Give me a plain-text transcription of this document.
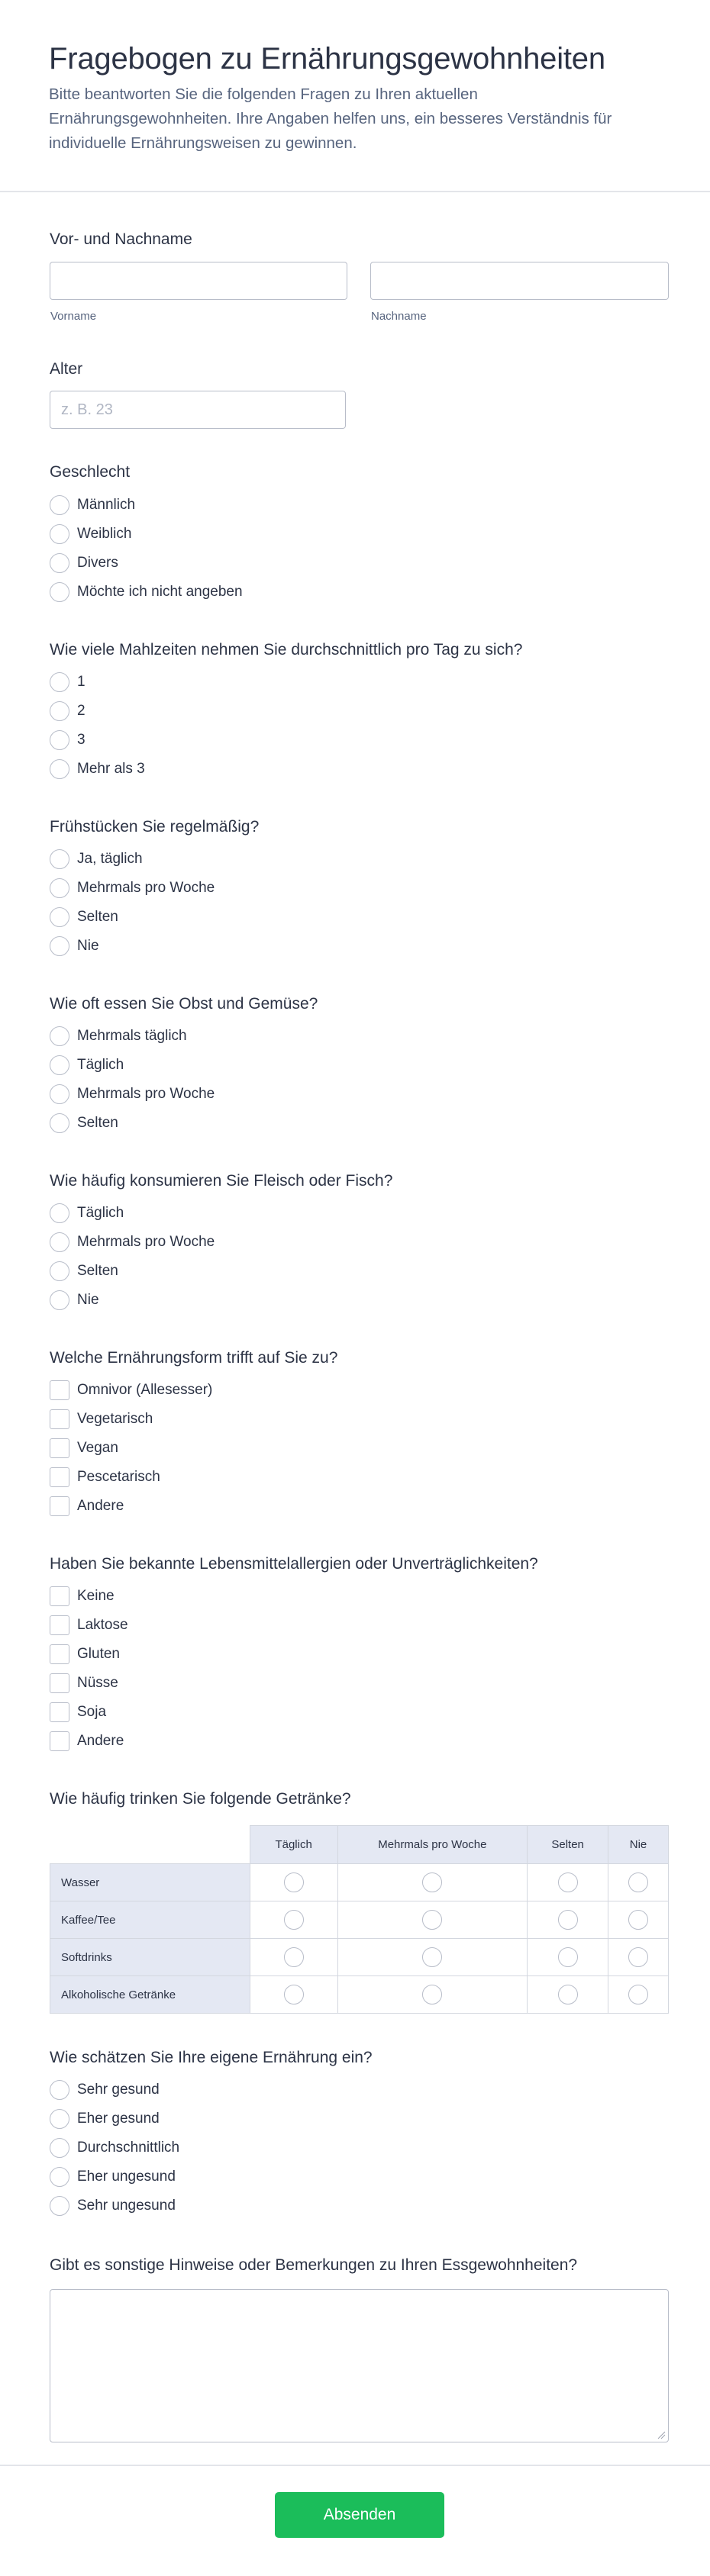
Fragebogen zu Ernährungsgewohnheiten

Bitte beantworten Sie die folgenden Fragen zu Ihren aktuellen Ernährungsgewohnheiten. Ihre Angaben helfen uns, ein besseres Verständnis für individuelle Ernährungsweisen zu gewinnen.

Vor- und Nachname
Vorname	Nachname
Alter
z. B. 23
Geschlecht
Männlich
Weiblich
Divers
Möchte ich nicht angeben
Wie viele Mahlzeiten nehmen Sie durchschnittlich pro Tag zu sich?
1
2
3
Mehr als 3
Frühstücken Sie regelmäßig?
Ja, täglich
Mehrmals pro Woche
Selten
Nie
Wie oft essen Sie Obst und Gemüse?
Mehrmals täglich
Täglich
Mehrmals pro Woche
Selten
Wie häufig konsumieren Sie Fleisch oder Fisch?
Täglich
Mehrmals pro Woche
Selten
Nie
Welche Ernährungsform trifft auf Sie zu?
Omnivor (Allesesser)
Vegetarisch
Vegan
Pescetarisch
Andere
Haben Sie bekannte Lebensmittelallergien oder Unverträglichkeiten?
Keine
Laktose
Gluten
Nüsse
Soja
Andere
Wie häufig trinken Sie folgende Getränke?
	Täglich	Mehrmals pro Woche	Selten	Nie
Wasser				
Kaffee/Tee				
Softdrinks				
Alkoholische Getränke				
Wie schätzen Sie Ihre eigene Ernährung ein?
Sehr gesund
Eher gesund
Durchschnittlich
Eher ungesund
Sehr ungesund
Gibt es sonstige Hinweise oder Bemerkungen zu Ihren Essgewohnheiten?
Absenden
